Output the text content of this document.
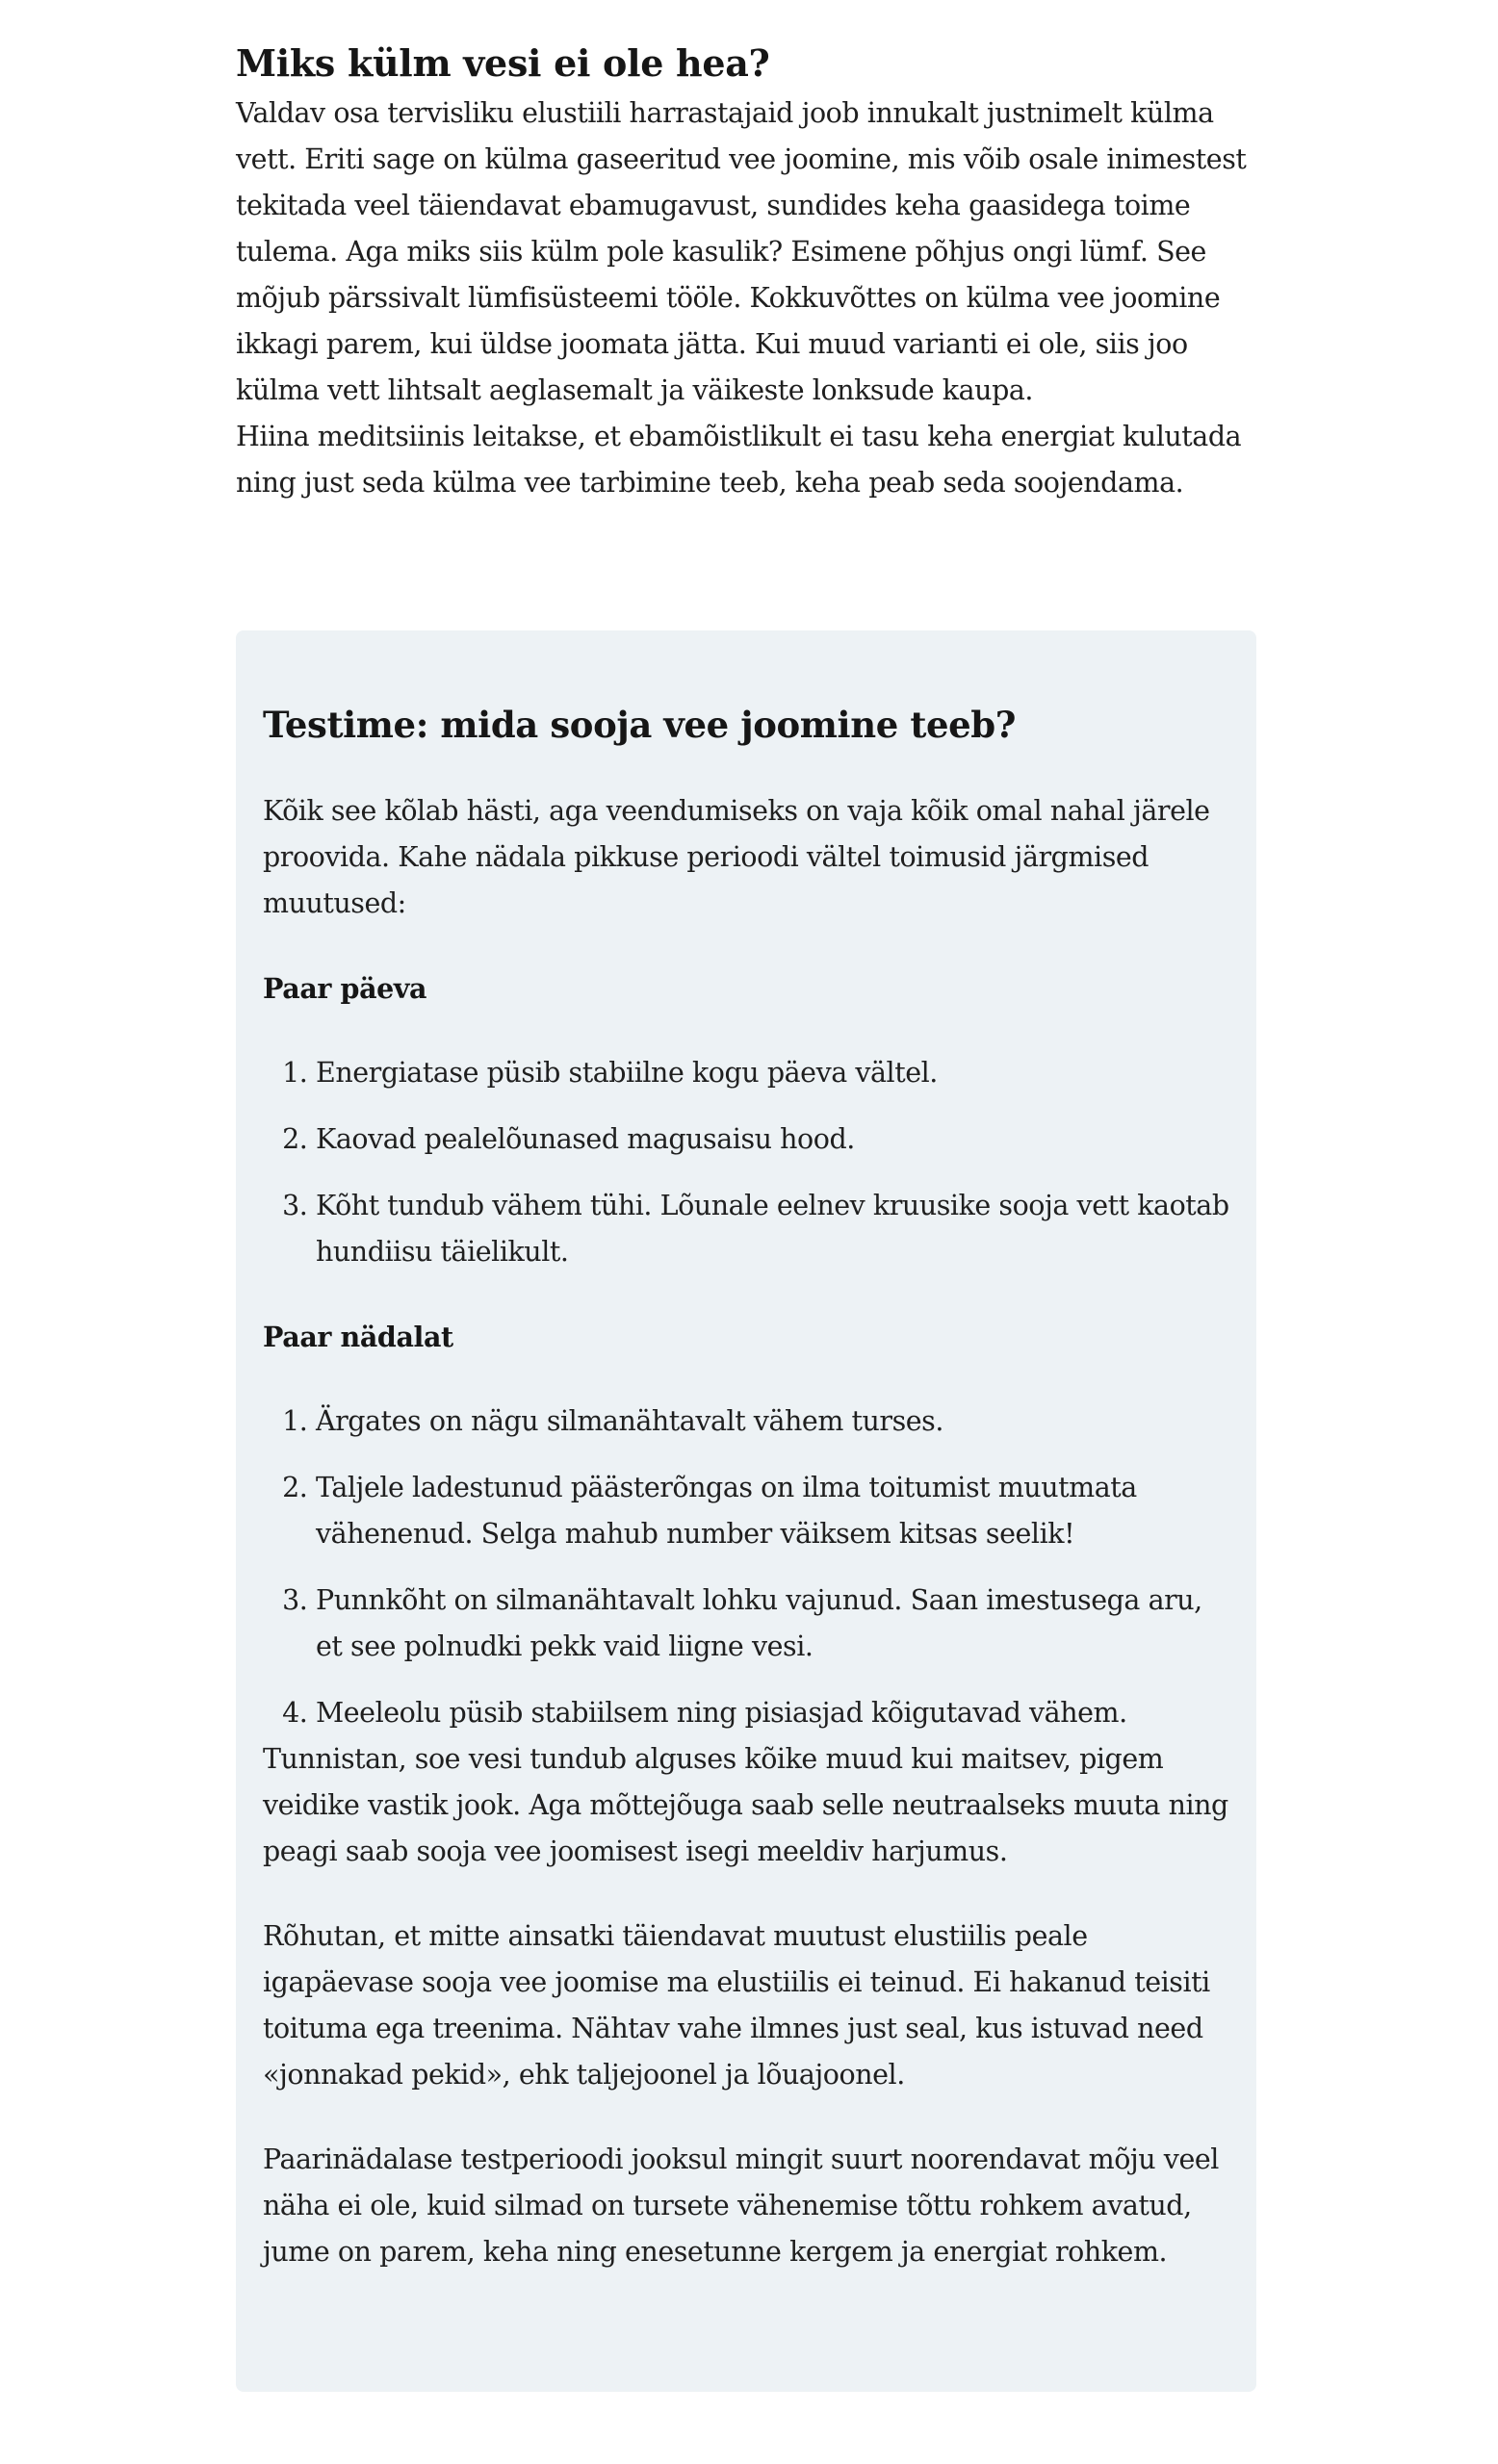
Miks külm vesi ei ole hea?

Valdav osa tervisliku elustiili harrastajaid joob innukalt justnimelt külma vett. Eriti sage on külma gaseeritud vee joomine, mis võib osale inimestest tekitada veel täiendavat ebamugavust, sundides keha gaasidega toime tulema. Aga miks siis külm pole kasulik? Esimene põhjus ongi lümf. See mõjub pärssivalt lümfisüsteemi tööle. Kokkuvõttes on külma vee joomine ikkagi parem, kui üldse joomata jätta. Kui muud varianti ei ole, siis joo külma vett lihtsalt aeglasemalt ja väikeste lonksude kaupa.

Hiina meditsiinis leitakse, et ebamõistlikult ei tasu keha energiat kulutada ning just seda külma vee tarbimine teeb, keha peab seda soojendama.

Testime: mida sooja vee joomine teeb?

Kõik see kõlab hästi, aga veendumiseks on vaja kõik omal nahal järele proovida. Kahe nädala pikkuse perioodi vältel toimusid järgmised muutused:

Paar päeva

1. Energiatase püsib stabiilne kogu päeva vältel.
2. Kaovad pealelõunased magusaisu hood.
3. Kõht tundub vähem tühi. Lõunale eelnev kruusike sooja vett kaotab hundiisu täielikult.

Paar nädalat

1. Ärgates on nägu silmanähtavalt vähem turses.
2. Taljele ladestunud päästerõngas on ilma toitumist muutmata vähenenud. Selga mahub number väiksem kitsas seelik!
3. Punnkõht on silmanähtavalt lohku vajunud. Saan imestusega aru, et see polnudki pekk vaid liigne vesi.
4. Meeleolu püsib stabiilsem ning pisiasjad kõigutavad vähem.

Tunnistan, soe vesi tundub alguses kõike muud kui maitsev, pigem veidike vastik jook. Aga mõttejõuga saab selle neutraalseks muuta ning peagi saab sooja vee joomisest isegi meeldiv harjumus.

Rõhutan, et mitte ainsatki täiendavat muutust elustiilis peale igapäevase sooja vee joomise ma elustiilis ei teinud. Ei hakanud teisiti toituma ega treenima. Nähtav vahe ilmnes just seal, kus istuvad need «jonnakad pekid», ehk taljejoonel ja lõuajoonel.

Paarinädalase testperioodi jooksul mingit suurt noorendavat mõju veel näha ei ole, kuid silmad on tursete vähenemise tõttu rohkem avatud, jume on parem, keha ning enesetunne kergem ja energiat rohkem.
